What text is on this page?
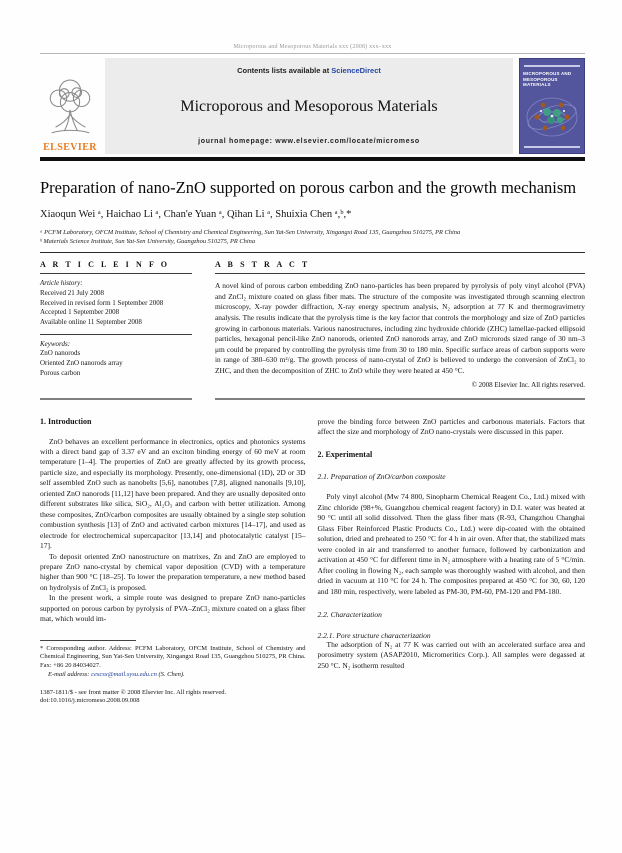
Microporous and Mesoporous Materials xxx (2008) xxx–xxx
ELSEVIER
Contents lists available at ScienceDirect
Microporous and Mesoporous Materials
journal homepage: www.elsevier.com/locate/micromeso
MICROPOROUS AND MESOPOROUS MATERIALS
Preparation of nano-ZnO supported on porous carbon and the growth mechanism
Xiaoqun Wei ᵃ, Haichao Li ᵃ, Chan'e Yuan ᵃ, Qihan Li ᵃ, Shuixia Chen ᵃ,ᵇ,*
ᵃ PCFM Laboratory, OFCM Institute, School of Chemistry and Chemical Engineering, Sun Yat-Sen University, Xingangxi Road 135, Guangzhou 510275, PR China
ᵇ Materials Science Institute, Sun Yat-Sen University, Guangzhou 510275, PR China
A R T I C L E I N F O
Article history:
Received 21 July 2008
Received in revised form 1 September 2008
Accepted 1 September 2008
Available online 11 September 2008
Keywords:
ZnO nanorods
Oriented ZnO nanorods array
Porous carbon
A B S T R A C T
A novel kind of porous carbon embedding ZnO nano-particles has been prepared by pyrolysis of poly vinyl alcohol (PVA) and ZnCl₂ mixture coated on glass fiber mats. The structure of the composite was investigated through scanning electron microscopy, X-ray powder diffraction, X-ray energy spectrum analysis, N₂ adsorption at 77 K and thermogravimetry analysis. The results indicate that the pyrolysis time is the key factor that controls the morphology and size of ZnO particles growing in carbonous materials. Various nanostructures, including zinc hydroxide chloride (ZHC) lamellae-packed ellipsoid particles, hexagonal pencil-like ZnO nanorods, oriented ZnO nanorods array, and ZnO microrods sized range of 30 nm–3 μm could be prepared by controlling the pyrolysis time from 30 to 180 min. Specific surface areas of carbon supports were in range of 380–630 m²/g. The growth process of nano-crystal of ZnO is believed to undergo the conversion of ZnCl₂ to ZHC, and then the decomposition of ZHC to ZnO while they were heated at 450 °C.
© 2008 Elsevier Inc. All rights reserved.
1. Introduction

ZnO behaves an excellent performance in electronics, optics and photonics systems with a direct band gap of 3.37 eV and an exciton binding energy of 60 meV at room temperature [1–4]. The properties of ZnO are greatly affected by its growth process, particle size, and especially its morphology. Presently, one-dimensional (1D), 2D or 3D self assembled ZnO such as nanobelts [5,6], nanotubes [7,8], aligned nanonails [9,10], oriented ZnO nanorods [11,12] have been prepared. And they are usually deposited onto different substrates like silica, SiO₂, Al₂O₃ and carbon with better utilization. Among these composites, ZnO/carbon composites are usually obtained by a single step solution combustion synthesis [13] of ZnO and activated carbon mixtures [14–17], and used as electrode for electrochemical supercapacitor [13,14] and photocatalytic catalyst [15–17].

To deposit oriented ZnO nanostructure on matrixes, Zn and ZnO are employed to prepare ZnO nano-crystal by chemical vapor deposition (CVD) with a temperature higher than 900 °C [18–25]. To lower the preparation temperature, a new method based on hydrolysis of ZnCl₂ is proposed.

In the present work, a simple route was designed to prepare ZnO nano-particles supported on porous carbon by pyrolysis of PVA–ZnCl₂ mixture coated on a glass fiber mat, which would im-

* Corresponding author. Address: PCFM Laboratory, OFCM Institute, School of Chemistry and Chemical Engineering, Sun Yat-Sen University, Xingangxi Road 135, Guangzhou 510275, PR China. Fax: +86 20 84034027.
E-mail address: cescsx@mail.sysu.edu.cn (S. Chen).
1387-1811/$ - see front matter © 2008 Elsevier Inc. All rights reserved.
doi:10.1016/j.micromeso.2008.09.008

prove the binding force between ZnO particles and carbonous materials. Factors that affect the size and morphology of ZnO nano-crystals were discussed in this paper.

2. Experimental
2.1. Preparation of ZnO/carbon composite

Poly vinyl alcohol (Mw 74 800, Sinopharm Chemical Reagent Co., Ltd.) mixed with Zinc chloride (98+%, Guangzhou chemical reagent factory) in D.I. water was heated at 90 °C until all solid dissolved. Then the glass fiber mats (R-93, Changzhou Changhai Glass Fiber Reinforced Plastic Products Co., Ltd.) were dip-coated with the obtained solution, dried and preheated to 250 °C for 4 h in air oven. After that, the stabilized mats were cooled in air and transferred to another furnace, followed by carbonization and activation at 450 °C for different time in N₂ atmosphere with a heating rate of 5 °C/min. After cooling in flowing N₂, each sample was thoroughly washed with alcohol, and then dried in vacuum at 110 °C for 24 h. The composites prepared at 450 °C for 30, 60, 120 and 180 min, respectively, were labeled as PM-30, PM-60, PM-120 and PM-180.

2.2. Characterization
2.2.1. Pore structure characterization

The adsorption of N₂ at 77 K was carried out with an accelerated surface area and porosimetry system (ASAP2010, Micromeritics Corp.). All samples were degassed at 250 °C. N₂ isotherm resulted
